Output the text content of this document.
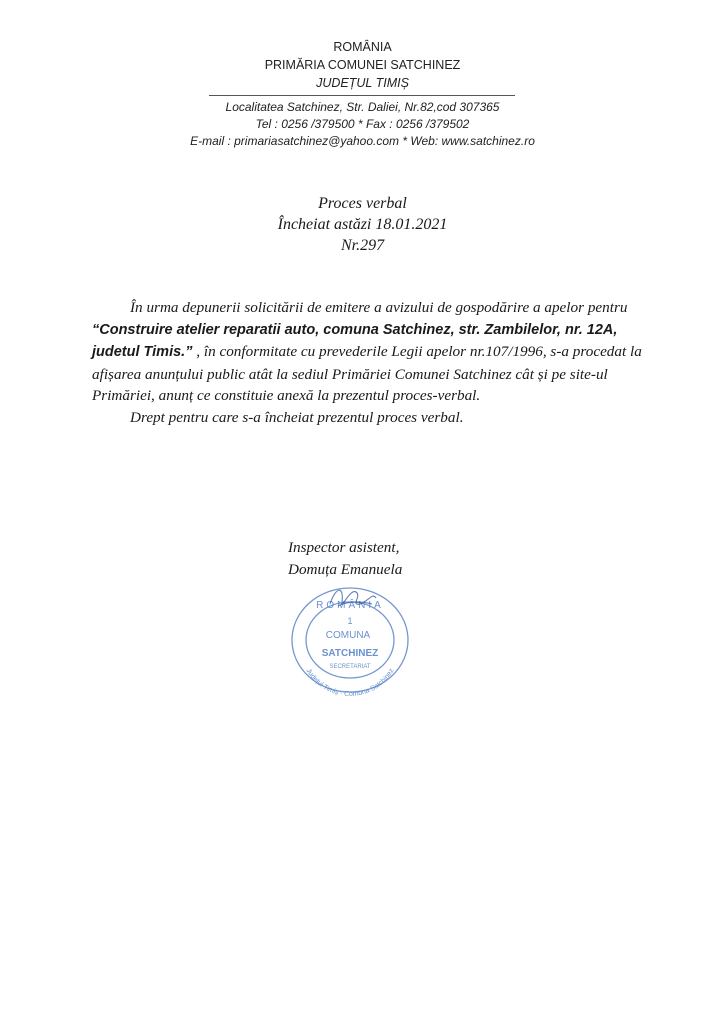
ROMÂNIA
PRIMĂRIA COMUNEI SATCHINEZ
JUDEȚUL TIMIȘ
Localitatea Satchinez, Str. Daliei, Nr.82,cod 307365
Tel : 0256 /379500 * Fax : 0256 /379502
E-mail : primariasatchinez@yahoo.com * Web: www.satchinez.ro
Proces verbal
Încheiat astăzi 18.01.2021
Nr.297

În urma depunerii solicitării de emitere a avizului de gospodărire a apelor pentru “Construire atelier reparatii auto, comuna Satchinez, str. Zambilelor, nr. 12A, judetul Timis.” , în conformitate cu prevederile Legii apelor nr.107/1996, s-a procedat la afișarea anunțului public atât la sediul Primăriei Comunei Satchinez cât și pe site-ul Primăriei, anunț ce constituie anexă la prezentul proces-verbal.

Drept pentru care s-a încheiat prezentul proces verbal.

Inspector asistent,
Domuța Emanuela
ROMÂNIA
1
COMUNA
SATCHINEZ
SECRETARIAT
Județul Timiș · Comuna Satchinez
